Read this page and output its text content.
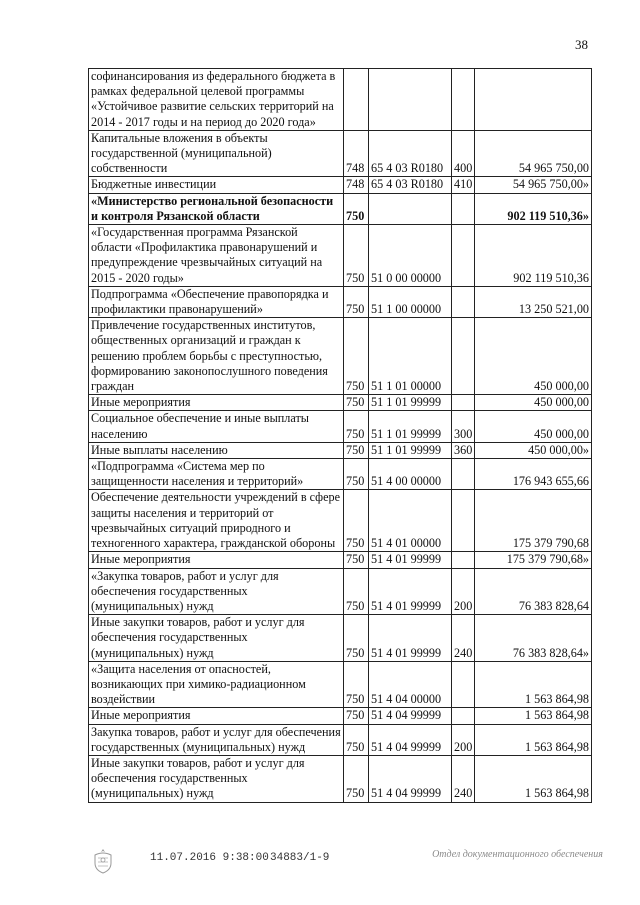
38
софинансирования из федерального бюджета в рамках федеральной целевой программы «Устойчивое развитие сельских территорий на 2014 - 2017 годы и на период до 2020 года»				
Капитальные вложения в объекты государственной (муниципальной) собственности	748	65 4 03 R0180	400	54 965 750,00
Бюджетные инвестиции	748	65 4 03 R0180	410	54 965 750,00»
«Министерство региональной безопасности и контроля Рязанской области	750			902 119 510,36»
«Государственная программа Рязанской области «Профилактика правонарушений и предупреждение чрезвычайных ситуаций на 2015 - 2020 годы»	750	51 0 00 00000		902 119 510,36
Подпрограмма «Обеспечение правопорядка и профилактики правонарушений»	750	51 1 00 00000		13 250 521,00
Привлечение государственных институтов, общественных организаций и граждан к решению проблем борьбы с преступностью, формированию законопослушного поведения граждан	750	51 1 01 00000		450 000,00
Иные мероприятия	750	51 1 01 99999		450 000,00
Социальное обеспечение и иные выплаты населению	750	51 1 01 99999	300	450 000,00
Иные выплаты населению	750	51 1 01 99999	360	450 000,00»
«Подпрограмма «Система мер по защищенности населения и территорий»	750	51 4 00 00000		176 943 655,66
Обеспечение деятельности учреждений в сфере защиты населения и территорий от чрезвычайных ситуаций природного и техногенного характера, гражданской обороны	750	51 4 01 00000		175 379 790,68
Иные мероприятия	750	51 4 01 99999		175 379 790,68»
«Закупка товаров, работ и услуг для обеспечения государственных (муниципальных) нужд	750	51 4 01 99999	200	76 383 828,64
Иные закупки товаров, работ и услуг для обеспечения государственных (муниципальных) нужд	750	51 4 01 99999	240	76 383 828,64»
«Защита населения от опасностей, возникающих при химико-радиационном воздействии	750	51 4 04 00000		1 563 864,98
Иные мероприятия	750	51 4 04 99999		1 563 864,98
Закупка товаров, работ и услуг для обеспечения государственных (муниципальных) нужд	750	51 4 04 99999	200	1 563 864,98
Иные закупки товаров, работ и услуг для обеспечения государственных (муниципальных) нужд	750	51 4 04 99999	240	1 563 864,98
11.07.2016 9:38:00 34883/1-9	Отдел документационного обеспечения
